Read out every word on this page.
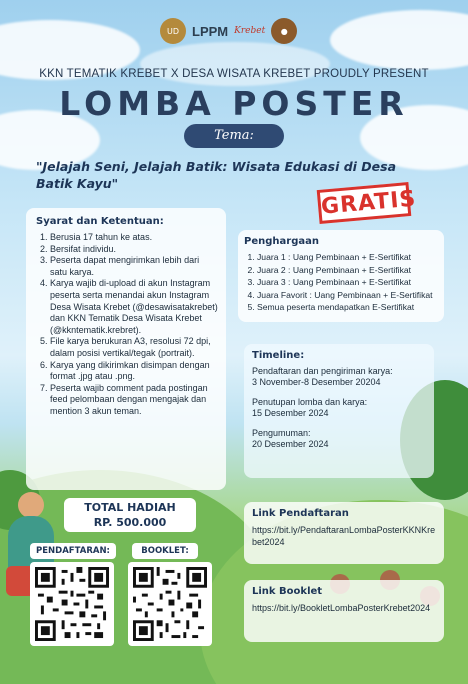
UD	LPPM Krebet	●
KKN TEMATIK KREBET X DESA WISATA KREBET PROUDLY PRESENT
LOMBA POSTER
Tema:
"Jelajah Seni, Jelajah Batik: Wisata Edukasi di Desa Batik Kayu"
GRATIS
Syarat dan Ketentuan:
1. Berusia 17 tahun ke atas.
2. Bersifat individu.
3. Peserta dapat mengirimkan lebih dari satu karya.
4. Karya wajib di-upload di akun Instagram peserta serta menandai akun Instagram Desa Wisata Krebet (@desawisatakrebet) dan KKN Tematik Desa Wisata Krebet (@kkntematik.krebret).
5. File karya berukuran A3, resolusi 72 dpi, dalam posisi vertikal/tegak (portrait).
6. Karya yang dikirimkan disimpan dengan format .jpg atau .png.
7. Peserta wajib comment pada postingan feed pelombaan dengan mengajak dan mention 3 akun teman.
Penghargaan
1. Juara 1 : Uang Pembinaan + E-Sertifikat
2. Juara 2 : Uang Pembinaan + E-Sertifikat
3. Juara 3 : Uang Pembinaan + E-Sertifikat
4. Juara Favorit : Uang Pembinaan + E-Sertifikat
5. Semua peserta mendapatkan E-Sertifikat
Timeline:
Pendaftaran dan pengiriman karya:
3 November-8 Desember 20204
Penutupan lomba dan karya:
15 Desember 2024
Pengumuman:
20 Desember 2024
TOTAL HADIAH
RP. 500.000
PENDAFTARAN:	BOOKLET:
Link Pendaftaran
https://bit.ly/PendaftaranLombaPosterKKNKrebet2024
Link Booklet
https://bit.ly/BookletLombaPosterKrebet2024
